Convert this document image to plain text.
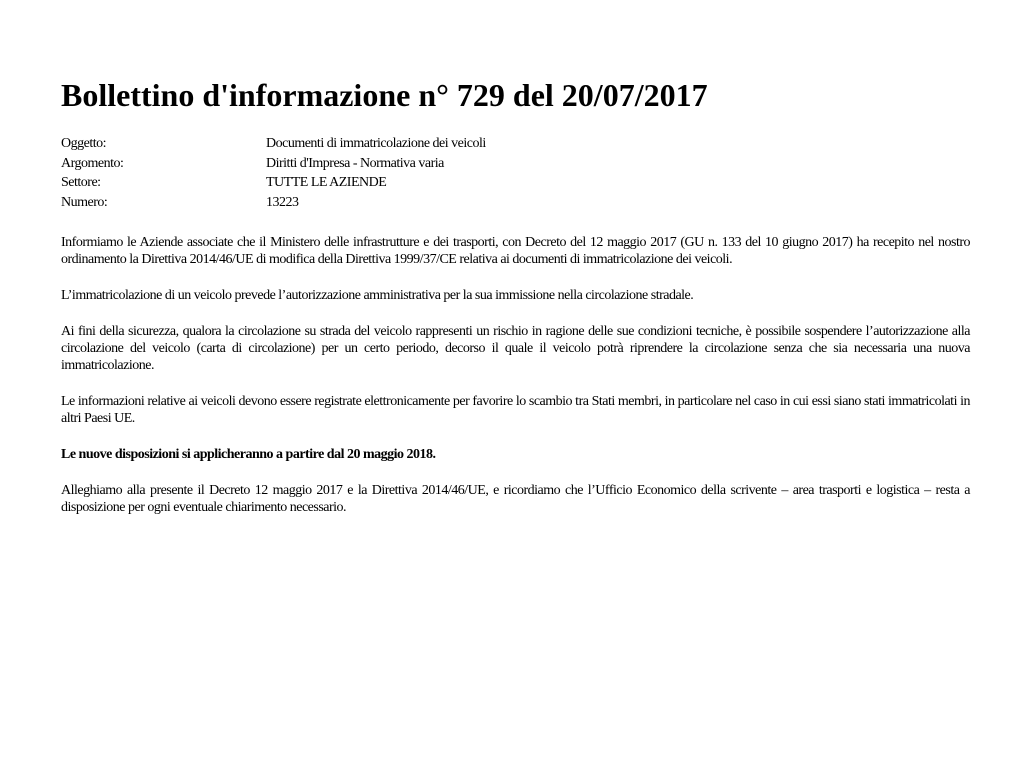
Bollettino d'informazione n° 729 del 20/07/2017
Oggetto:	Documenti di immatricolazione dei veicoli
Argomento:	Diritti d'Impresa - Normativa varia
Settore:	TUTTE LE AZIENDE
Numero:	13223

Informiamo le Aziende associate che il Ministero delle infrastrutture e dei trasporti, con Decreto del 12 maggio 2017 (GU n. 133 del 10 giugno 2017) ha recepito nel nostro ordinamento la Direttiva 2014/46/UE di modifica della Direttiva 1999/37/CE relativa ai documenti di immatricolazione dei veicoli.

L’immatricolazione di un veicolo prevede l’autorizzazione amministrativa per la sua immissione nella circolazione stradale.

Ai fini della sicurezza, qualora la circolazione su strada del veicolo rappresenti un rischio in ragione delle sue condizioni tecniche, è possibile sospendere l’autorizzazione alla circolazione del veicolo (carta di circolazione) per un certo periodo, decorso il quale il veicolo potrà riprendere la circolazione senza che sia necessaria una nuova immatricolazione.

Le informazioni relative ai veicoli devono essere registrate elettronicamente per favorire lo scambio tra Stati membri, in particolare nel caso in cui essi siano stati immatricolati in altri Paesi UE.

Le nuove disposizioni si applicheranno a partire dal 20 maggio 2018.

Alleghiamo alla presente il Decreto 12 maggio 2017 e la Direttiva 2014/46/UE, e ricordiamo che l’Ufficio Economico della scrivente – area trasporti e logistica – resta a disposizione per ogni eventuale chiarimento necessario.
